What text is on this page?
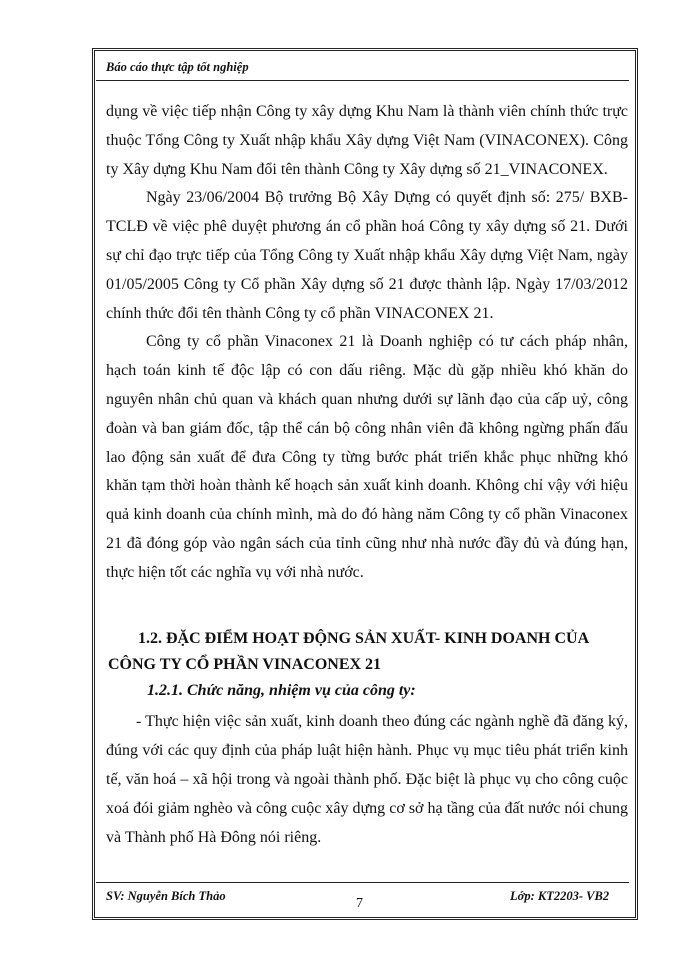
Báo cáo thực tập tốt nghiệp

dụng về việc tiếp nhận Công ty xây dựng Khu Nam là thành viên chính thức trực thuộc Tổng Công ty Xuất nhập khẩu Xây dựng Việt Nam (VINACONEX). Công ty Xây dựng Khu Nam đổi tên thành Công ty Xây dựng số 21_VINACONEX.

Ngày 23/06/2004 Bộ trưởng Bộ Xây Dựng có quyết định số: 275/ BXB-TCLĐ về việc phê duyệt phương án cổ phần hoá Công ty xây dựng số 21. Dưới sự chỉ đạo trực tiếp của Tổng Công ty Xuất nhập khẩu Xây dựng Việt Nam, ngày 01/05/2005 Công ty Cổ phần Xây dựng số 21 được thành lập. Ngày 17/03/2012 chính thức đổi tên thành Công ty cổ phần VINACONEX 21.

Công ty cổ phần Vinaconex 21 là Doanh nghiệp có tư cách pháp nhân, hạch toán kinh tế độc lập có con dấu riêng. Mặc dù gặp nhiều khó khăn do nguyên nhân chủ quan và khách quan nhưng dưới sự lãnh đạo của cấp uỷ, công đoàn và ban giám đốc, tập thể cán bộ công nhân viên đã không ngừng phấn đấu lao động sản xuất để đưa Công ty từng bước phát triển khắc phục những khó khăn tạm thời hoàn thành kế hoạch sản xuất kinh doanh. Không chỉ vậy với hiệu quả kinh doanh của chính mình, mà do đó hàng năm Công ty cổ phần Vinaconex 21 đã đóng góp vào ngân sách của tỉnh cũng như nhà nước đầy đủ và đúng hạn, thực hiện tốt các nghĩa vụ với nhà nước.

1.2. ĐẶC ĐIỂM HOẠT ĐỘNG SẢN XUẤT- KINH DOANH CỦA
CÔNG TY CỔ PHẦN VINACONEX 21
1.2.1. Chức năng, nhiệm vụ của công ty:

- Thực hiện việc sản xuất, kinh doanh theo đúng các ngành nghề đã đăng ký, đúng với các quy định của pháp luật hiện hành. Phục vụ mục tiêu phát triển kinh tế, văn hoá – xã hội trong và ngoài thành phố. Đặc biệt là phục vụ cho công cuộc xoá đói giảm nghèo và công cuộc xây dựng cơ sở hạ tầng của đất nước nói chung và Thành phố Hà Đông nói riêng.

SV: Nguyễn Bích Thảo	7	Lớp: KT2203- VB2
